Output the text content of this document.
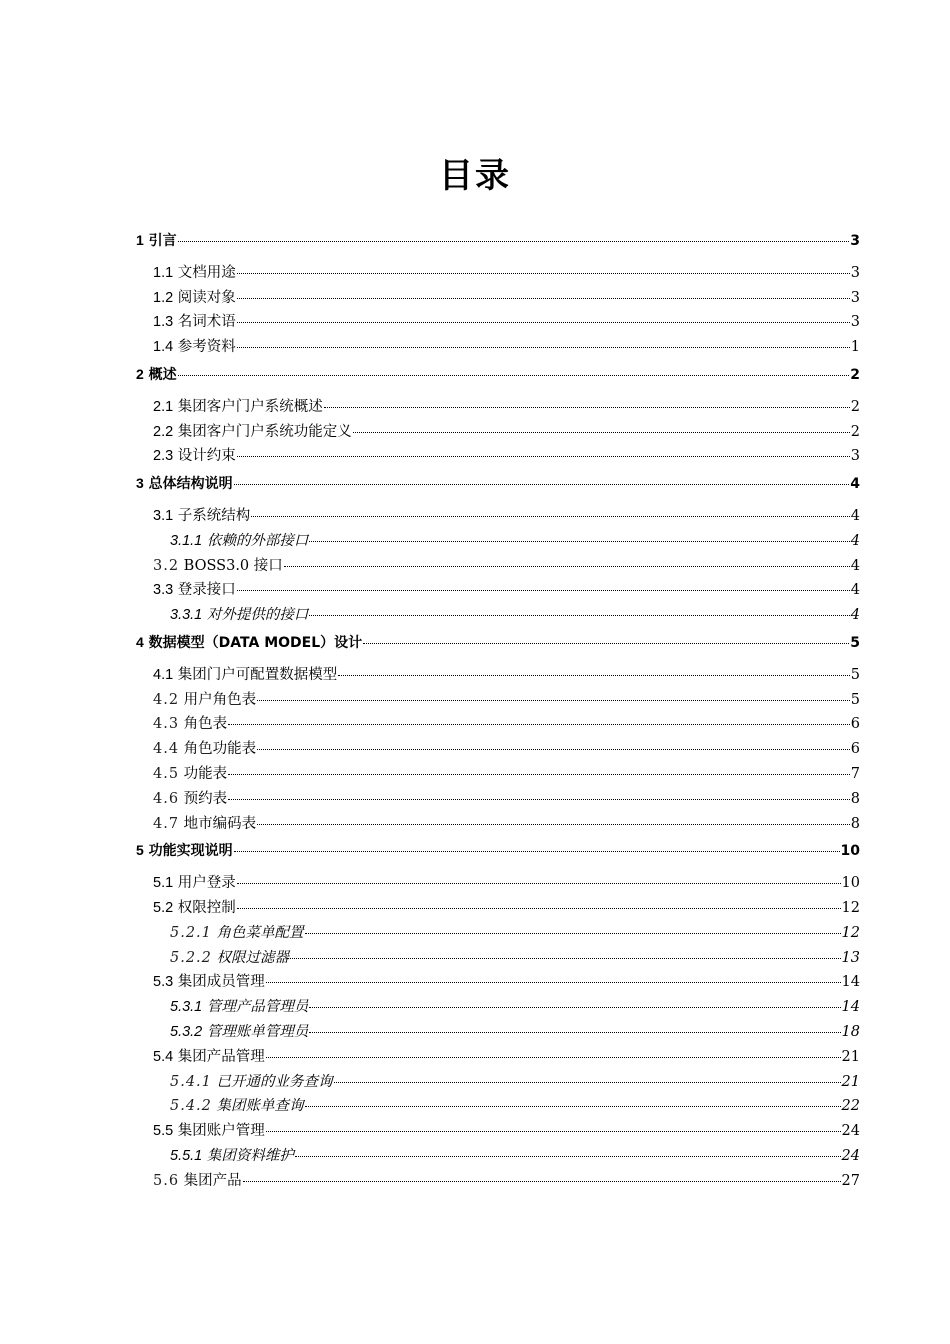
目录
1 引言	3
1.1 文档用途	3
1.2 阅读对象	3
1.3 名词术语	3
1.4 参考资料	1
2 概述	2
2.1 集团客户门户系统概述	2
2.2 集团客户门户系统功能定义	2
2.3 设计约束	3
3 总体结构说明	4
3.1 子系统结构	4
3.1.1 依赖的外部接口	4
3.2 BOSS3.0 接口	4
3.3 登录接口	4
3.3.1 对外提供的接口	4
4 数据模型（DATA MODEL）设计	5
4.1 集团门户可配置数据模型	5
4.2 用户角色表	5
4.3 角色表	6
4.4 角色功能表	6
4.5 功能表	7
4.6 预约表	8
4.7 地市编码表	8
5 功能实现说明	10
5.1 用户登录	10
5.2 权限控制	12
5.2.1 角色菜单配置	12
5.2.2 权限过滤器	13
5.3 集团成员管理	14
5.3.1 管理产品管理员	14
5.3.2 管理账单管理员	18
5.4 集团产品管理	21
5.4.1 已开通的业务查询	21
5.4.2 集团账单查询	22
5.5 集团账户管理	24
5.5.1 集团资料维护	24
5.6 集团产品	27
